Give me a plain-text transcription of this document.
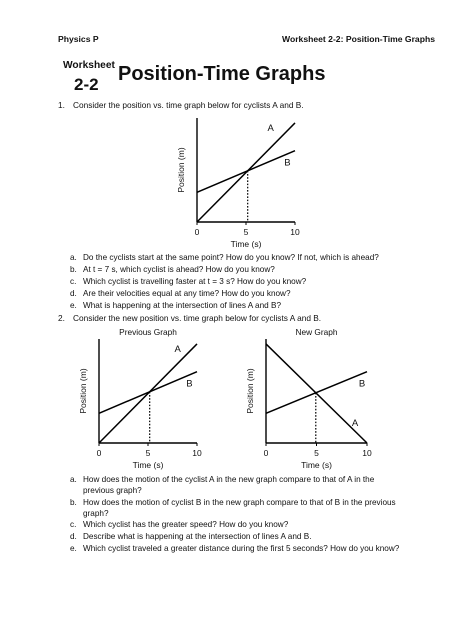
Physics P	Worksheet 2-2: Position-Time Graphs
Worksheet
2-2 Position-Time Graphs
1. Consider the position vs. time graph below for cyclists A and B.
a. Do the cyclists start at the same point? How do you know? If not, which is ahead?
b. At t = 7 s, which cyclist is ahead? How do you know?
c. Which cyclist is travelling faster at t = 3 s? How do you know?
d. Are their velocities equal at any time? How do you know?
e. What is happening at the intersection of lines A and B?
2. Consider the new position vs. time graph below for cyclists A and B.
a. How does the motion of the cyclist A in the new graph compare to that of A in the
previous graph?
b. How does the motion of cyclist B in the new graph compare to that of B in the previous
graph?
c. Which cyclist has the greater speed? How do you know?
d. Describe what is happening at the intersection of lines A and B.
e. Which cyclist traveled a greater distance during the first 5 seconds? How do you know?
0	5	10
Time (s)
Position (m)
A
B
0	5	10
Time (s)
Position (m)
Previous Graph
A
B
0	5	10
Time (s)
Position (m)
New Graph
A
B
